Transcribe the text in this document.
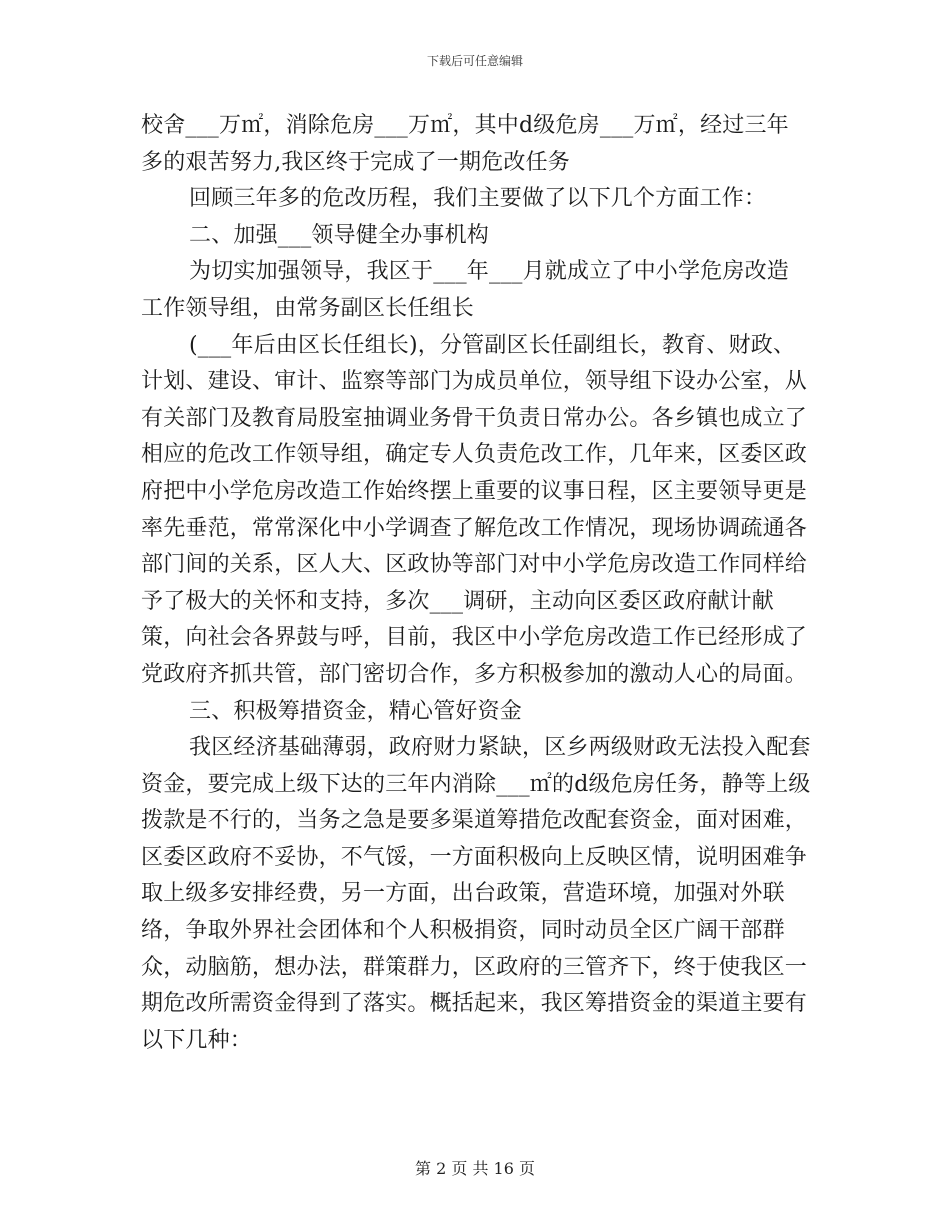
下载后可任意编辑

校舍___万㎡，消除危房___万㎡，其中d级危房___万㎡，经过三年多的艰苦努力,我区终于完成了一期危改任务

回顾三年多的危改历程，我们主要做了以下几个方面工作：

二、加强___领导健全办事机构

为切实加强领导，我区于___年___月就成立了中小学危房改造工作领导组，由常务副区长任组长

(___年后由区长任组长)，分管副区长任副组长，教育、财政、计划、建设、审计、监察等部门为成员单位，领导组下设办公室，从有关部门及教育局股室抽调业务骨干负责日常办公。各乡镇也成立了相应的危改工作领导组，确定专人负责危改工作，几年来，区委区政府把中小学危房改造工作始终摆上重要的议事日程，区主要领导更是率先垂范，常常深化中小学调查了解危改工作情况，现场协调疏通各部门间的关系，区人大、区政协等部门对中小学危房改造工作同样给予了极大的关怀和支持，多次___调研，主动向区委区政府献计献策，向社会各界鼓与呼，目前，我区中小学危房改造工作已经形成了党政府齐抓共管，部门密切合作，多方积极参加的激动人心的局面。

三、积极筹措资金，精心管好资金

我区经济基础薄弱，政府财力紧缺，区乡两级财政无法投入配套资金，要完成上级下达的三年内消除___㎡的d级危房任务，静等上级拨款是不行的，当务之急是要多渠道筹措危改配套资金，面对困难，区委区政府不妥协，不气馁，一方面积极向上反映区情，说明困难争取上级多安排经费，另一方面，出台政策，营造环境，加强对外联络，争取外界社会团体和个人积极捐资，同时动员全区广阔干部群众，动脑筋，想办法，群策群力，区政府的三管齐下，终于使我区一期危改所需资金得到了落实。概括起来，我区筹措资金的渠道主要有以下几种：

第 2 页 共 16 页
